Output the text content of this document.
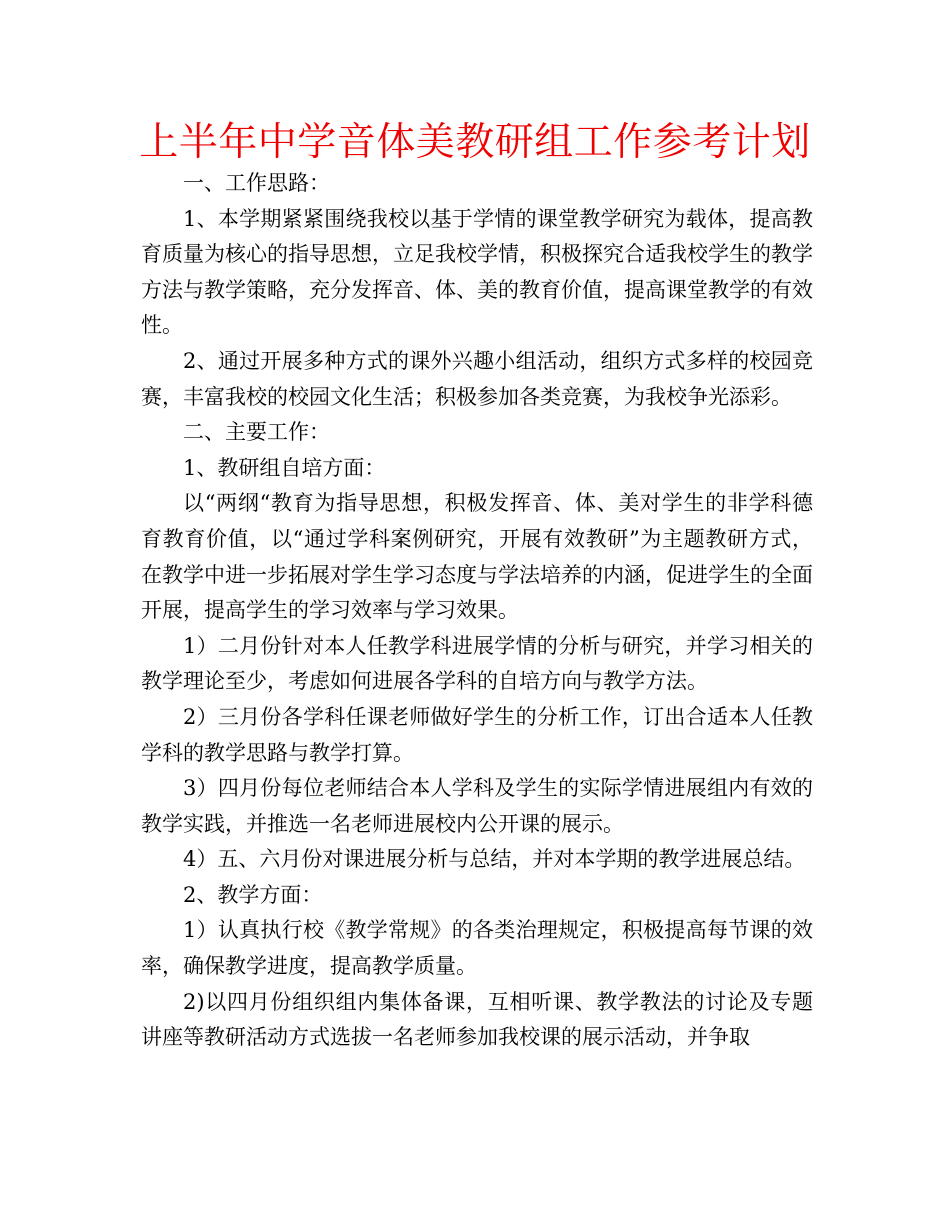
上半年中学音体美教研组工作参考计划

一、工作思路：

1、本学期紧紧围绕我校以基于学情的课堂教学研究为载体，提高教育质量为核心的指导思想，立足我校学情，积极探究合适我校学生的教学方法与教学策略，充分发挥音、体、美的教育价值，提高课堂教学的有效性。

2、通过开展多种方式的课外兴趣小组活动，组织方式多样的校园竞赛，丰富我校的校园文化生活；积极参加各类竞赛，为我校争光添彩。

二、主要工作：

1、教研组自培方面：

以“两纲“教育为指导思想，积极发挥音、体、美对学生的非学科德育教育价值，以“通过学科案例研究，开展有效教研”为主题教研方式，在教学中进一步拓展对学生学习态度与学法培养的内涵，促进学生的全面开展，提高学生的学习效率与学习效果。

1）二月份针对本人任教学科进展学情的分析与研究，并学习相关的教学理论至少，考虑如何进展各学科的自培方向与教学方法。

2）三月份各学科任课老师做好学生的分析工作，订出合适本人任教学科的教学思路与教学打算。

3）四月份每位老师结合本人学科及学生的实际学情进展组内有效的教学实践，并推选一名老师进展校内公开课的展示。

4）五、六月份对课进展分析与总结，并对本学期的教学进展总结。

2、教学方面：

1）认真执行校《教学常规》的各类治理规定，积极提高每节课的效率，确保教学进度，提高教学质量。

2)以四月份组织组内集体备课，互相听课、教学教法的讨论及专题讲座等教研活动方式选拔一名老师参加我校课的展示活动，并争取
